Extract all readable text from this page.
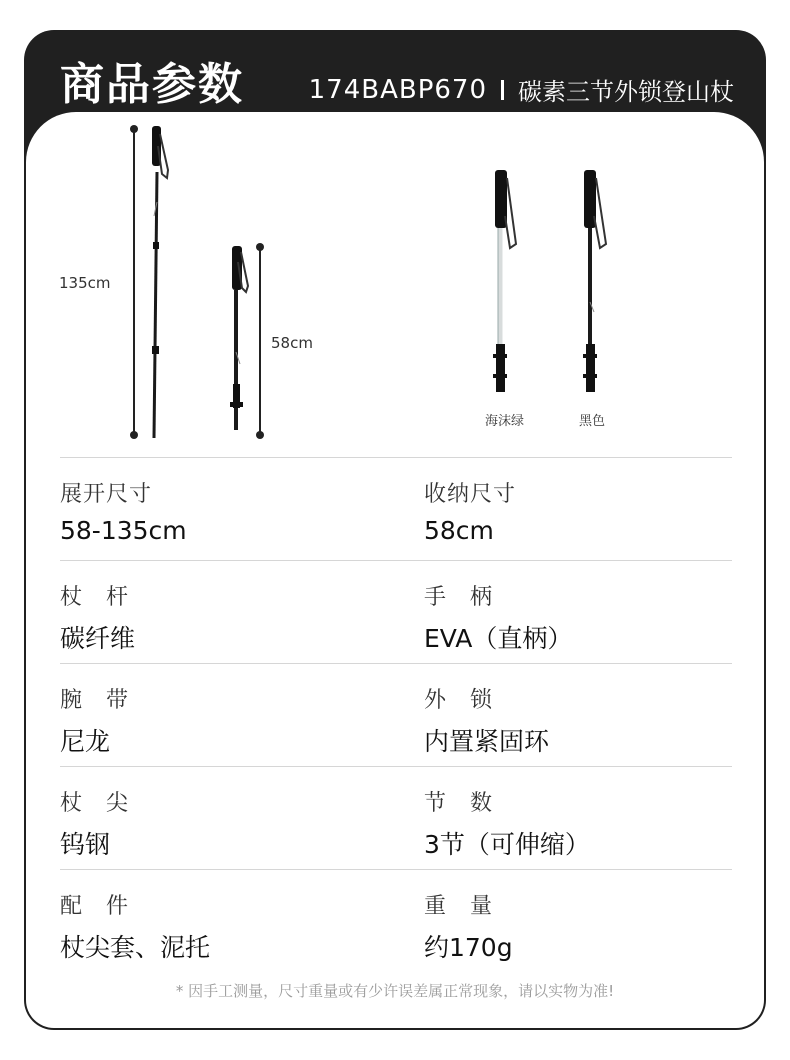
商品参数 174BABP670 碳素三节外锁登山杖
135cm
58cm
海沫绿	黑色
展开尺寸
58-135cm
收纳尺寸
58cm
杖　杆
碳纤维
手　柄
EVA（直柄）
腕　带
尼龙
外　锁
内置紧固环
杖　尖
钨钢
节　数
3节（可伸缩）
配　件
杖尖套、泥托
重　量
约170g
* 因手工测量，尺寸重量或有少许误差属正常现象，请以实物为准!
